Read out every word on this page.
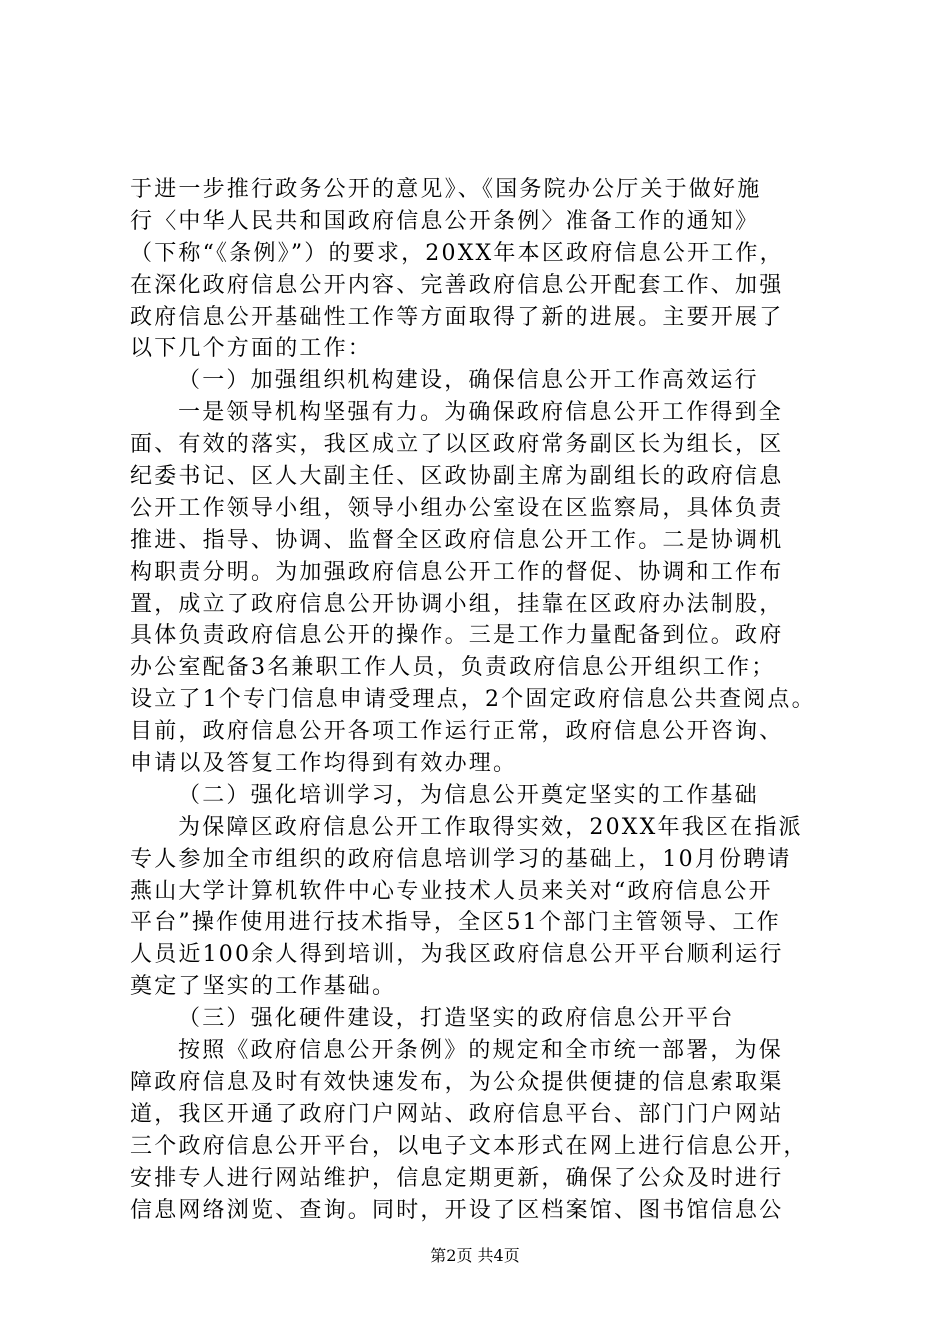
于进一步推行政务公开的意见》、《国务院办公厅关于做好施
行〈中华人民共和国政府信息公开条例〉准备工作的通知》
（下称“《条例》”）的要求，20XX年本区政府信息公开工作，
在深化政府信息公开内容、完善政府信息公开配套工作、加强
政府信息公开基础性工作等方面取得了新的进展。主要开展了
以下几个方面的工作：
（一）加强组织机构建设，确保信息公开工作高效运行
一是领导机构坚强有力。为确保政府信息公开工作得到全
面、有效的落实，我区成立了以区政府常务副区长为组长，区
纪委书记、区人大副主任、区政协副主席为副组长的政府信息
公开工作领导小组，领导小组办公室设在区监察局，具体负责
推进、指导、协调、监督全区政府信息公开工作。二是协调机
构职责分明。为加强政府信息公开工作的督促、协调和工作布
置，成立了政府信息公开协调小组，挂靠在区政府办法制股，
具体负责政府信息公开的操作。三是工作力量配备到位。政府
办公室配备3名兼职工作人员，负责政府信息公开组织工作；
设立了1个专门信息申请受理点，2个固定政府信息公共查阅点。
目前，政府信息公开各项工作运行正常，政府信息公开咨询、
申请以及答复工作均得到有效办理。
（二）强化培训学习，为信息公开奠定坚实的工作基础
为保障区政府信息公开工作取得实效，20XX年我区在指派
专人参加全市组织的政府信息培训学习的基础上，10月份聘请
燕山大学计算机软件中心专业技术人员来关对“政府信息公开
平台”操作使用进行技术指导，全区51个部门主管领导、工作
人员近100余人得到培训，为我区政府信息公开平台顺利运行
奠定了坚实的工作基础。
（三）强化硬件建设，打造坚实的政府信息公开平台
按照《政府信息公开条例》的规定和全市统一部署，为保
障政府信息及时有效快速发布，为公众提供便捷的信息索取渠
道，我区开通了政府门户网站、政府信息平台、部门门户网站
三个政府信息公开平台，以电子文本形式在网上进行信息公开，
安排专人进行网站维护，信息定期更新，确保了公众及时进行
信息网络浏览、查询。同时，开设了区档案馆、图书馆信息公
第2页 共4页
